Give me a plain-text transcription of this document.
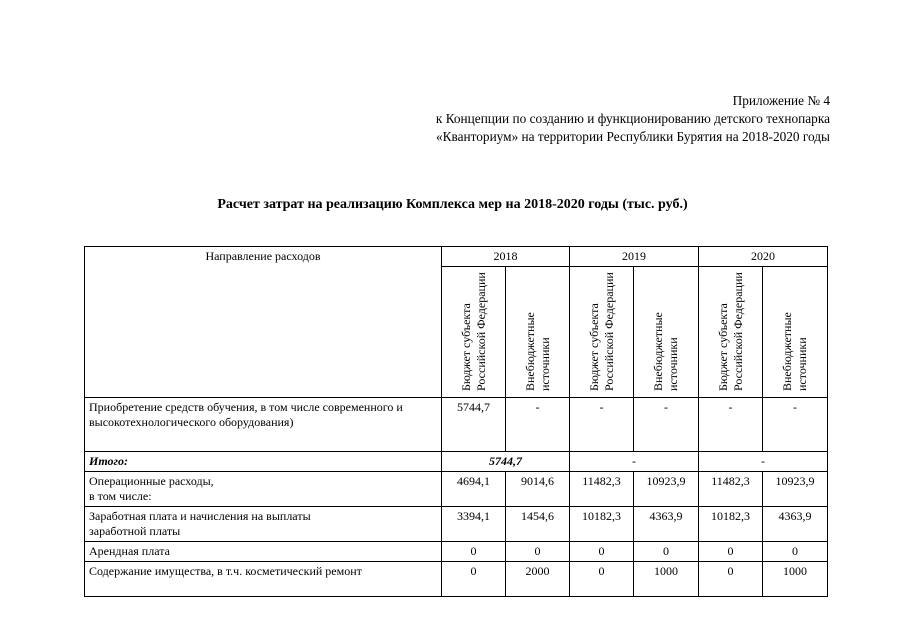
Приложение № 4
к Концепции по созданию и функционированию детского технопарка
«Кванториум» на территории Республики Бурятия на 2018-2020 годы
Расчет затрат на реализацию Комплекса мер на 2018-2020 годы (тыс. руб.)
Направление расходов	2018		2019		2020	

	Бюджет субъекта Российской Федерации	Внебюджетные источники	Бюджет субъекта Российской Федерации	Внебюджетные источники	Бюджет субъекта Российской Федерации	Внебюджетные источники

Приобретение средств обучения, в том числе современного и высокотехнологического оборудования)	5744,7	-	-	-	-	-
Итого:	5744,7		-		-	

Операционные расходы,
в том числе:	4694,1	9014,6	11482,3	10923,9	11482,3	10923,9

Заработная плата и начисления на выплаты
заработной платы	3394,1	1454,6	10182,3	4363,9	10182,3	4363,9
Арендная плата	0	0	0	0	0	0
Содержание имущества, в т.ч. косметический ремонт	0	2000	0	1000	0	1000
